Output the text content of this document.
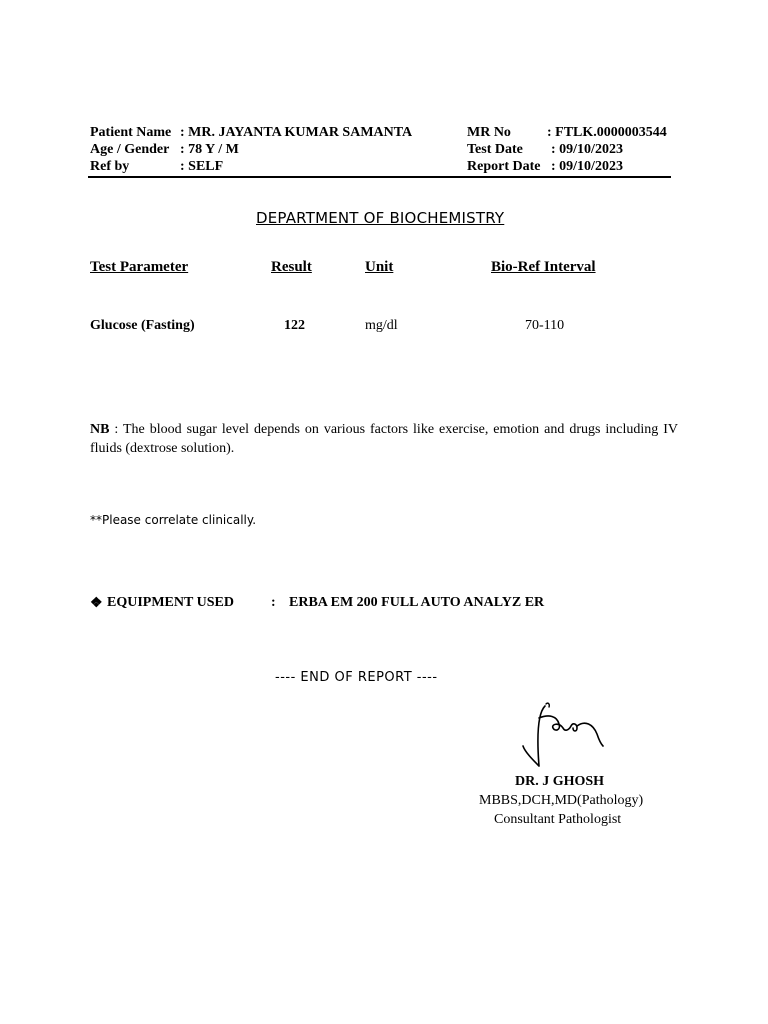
Patient Name : MR. JAYANTA KUMAR SAMANTA
Age / Gender : 78 Y / M
Ref by	: SELF
MR No	: FTLK.0000003544
Test Date : 09/10/2023
Report Date : 09/10/2023
DEPARTMENT OF BIOCHEMISTRY
Test Parameter	Result	Unit	Bio-Ref Interval
Glucose (Fasting)	122	mg/dl	70-110
NB : The blood sugar level depends on various factors like exercise, emotion and drugs including IV fluids (dextrose solution).
**Please correlate clinically.
❖ EQUIPMENT USED	: ERBA EM 200 FULL AUTO ANALYZ ER
---- END OF REPORT ----
DR. J GHOSH
MBBS,DCH,MD(Pathology)
Consultant Pathologist
